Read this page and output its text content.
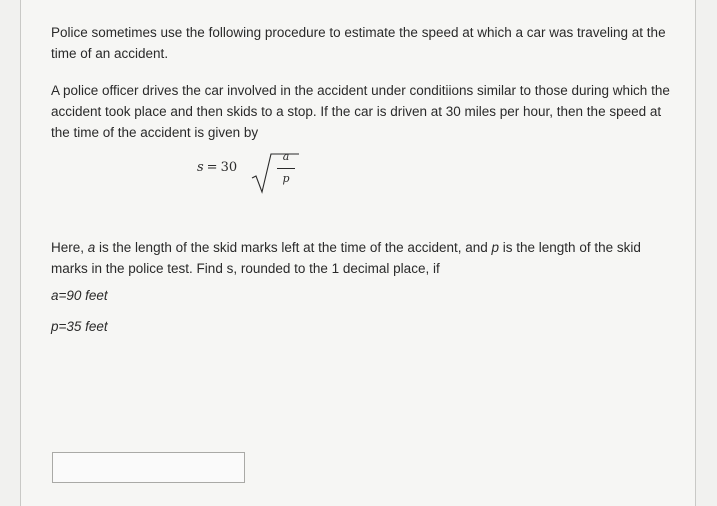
Police sometimes use the following procedure to estimate the speed at which a car was traveling at the time of an accident.

A police officer drives the car involved in the accident under conditiions similar to those during which the accident took place and then skids to a stop. If the car is driven at 30 miles per hour, then the speed at the time of the accident is given by

s = 30
a
p

Here, a is the length of the skid marks left at the time of the accident, and p is the length of the skid marks in the police test. Find s, rounded to the 1 decimal place, if

a=90 feet
p=35 feet
